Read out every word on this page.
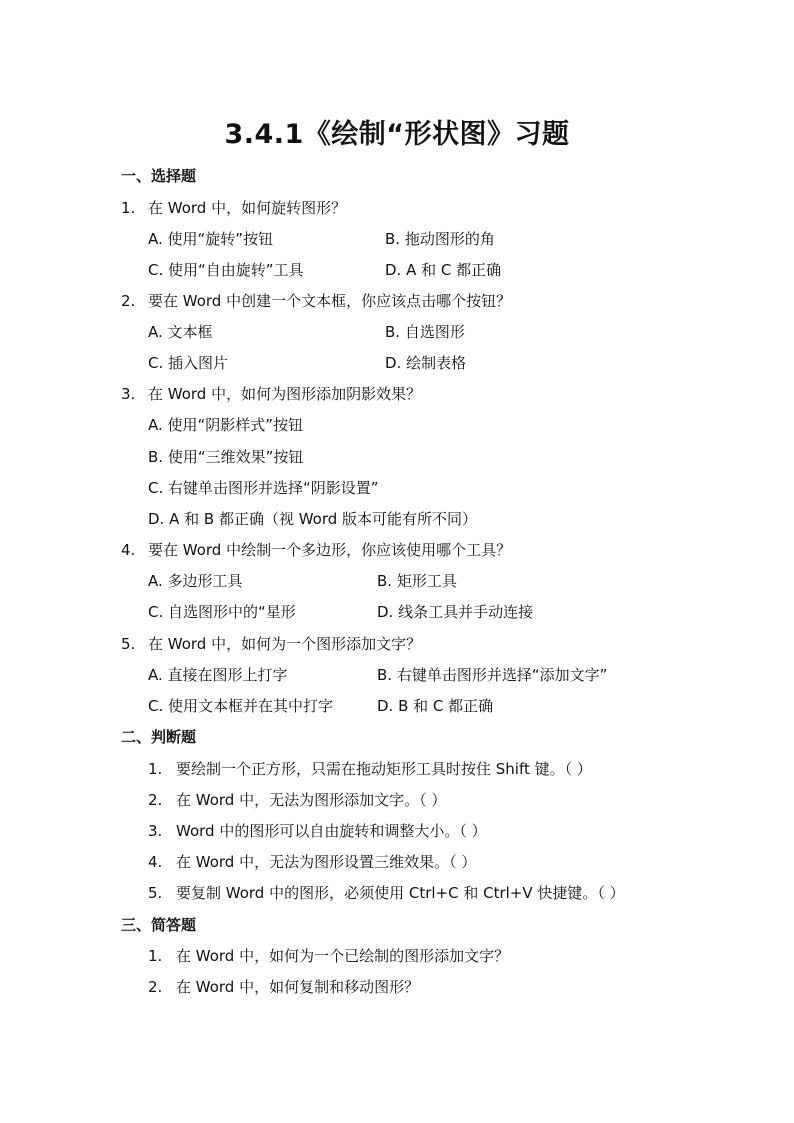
3.4.1《绘制“形状图》习题
一、选择题
1. 在 Word 中，如何旋转图形？
A. 使用“旋转”按钮	B. 拖动图形的角
C. 使用“自由旋转”工具	D. A 和 C 都正确
2. 要在 Word 中创建一个文本框，你应该点击哪个按钮？
A. 文本框	B. 自选图形
C. 插入图片	D. 绘制表格
3. 在 Word 中，如何为图形添加阴影效果？
A. 使用“阴影样式”按钮
B. 使用“三维效果”按钮
C. 右键单击图形并选择“阴影设置”
D. A 和 B 都正确（视 Word 版本可能有所不同）
4. 要在 Word 中绘制一个多边形，你应该使用哪个工具？
A. 多边形工具	B. 矩形工具
C. 自选图形中的“星形	D. 线条工具并手动连接
5. 在 Word 中，如何为一个图形添加文字？
A. 直接在图形上打字	B. 右键单击图形并选择“添加文字”
C. 使用文本框并在其中打字	D. B 和 C 都正确
二、判断题
1. 要绘制一个正方形，只需在拖动矩形工具时按住 Shift 键。（ ）
2. 在 Word 中，无法为图形添加文字。（ ）
3. Word 中的图形可以自由旋转和调整大小。（ ）
4. 在 Word 中，无法为图形设置三维效果。（ ）
5. 要复制 Word 中的图形，必须使用 Ctrl+C 和 Ctrl+V 快捷键。（ ）
三、简答题
1. 在 Word 中，如何为一个已绘制的图形添加文字？
2. 在 Word 中，如何复制和移动图形？
